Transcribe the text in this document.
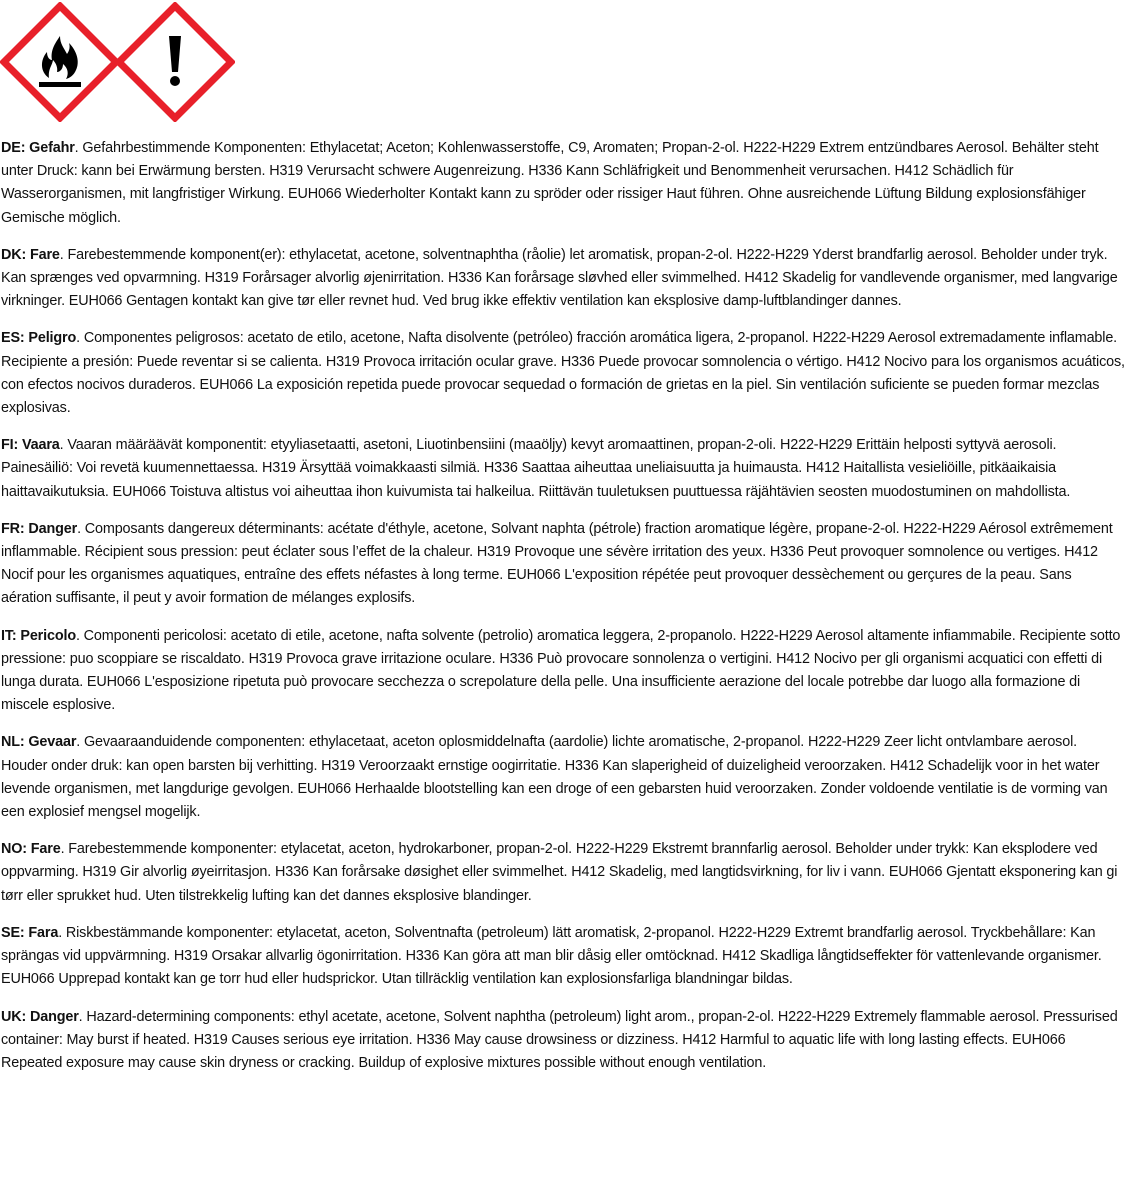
DE: Gefahr. Gefahrbestimmende Komponenten: Ethylacetat; Aceton; Kohlenwasserstoffe, C9, Aromaten; Propan-2-ol. H222-H229 Extrem entzündbares Aerosol. Behälter steht unter Druck: kann bei Erwärmung bersten. H319 Verursacht schwere Augenreizung. H336 Kann Schläfrigkeit und Benommenheit verursachen. H412 Schädlich für Wasserorganismen, mit langfristiger Wirkung. EUH066 Wiederholter Kontakt kann zu spröder oder rissiger Haut führen. Ohne ausreichende Lüftung Bildung explosionsfähiger Gemische möglich.

DK: Fare. Farebestemmende komponent(er): ethylacetat, acetone, solventnaphtha (råolie) let aromatisk, propan-2-ol. H222-H229 Yderst brandfarlig aerosol. Beholder under tryk. Kan sprænges ved opvarmning. H319 Forårsager alvorlig øjenirritation. H336 Kan forårsage sløvhed eller svimmelhed. H412 Skadelig for vandlevende organismer, med langvarige virkninger. EUH066 Gentagen kontakt kan give tør eller revnet hud. Ved brug ikke effektiv ventilation kan eksplosive damp-luftblandinger dannes.

ES: Peligro. Componentes peligrosos: acetato de etilo, acetone, Nafta disolvente (petróleo) fracción aromática ligera, 2-propanol. H222-H229 Aerosol extremadamente inflamable. Recipiente a presión: Puede reventar si se calienta. H319 Provoca irritación ocular grave. H336 Puede provocar somnolencia o vértigo. H412 Nocivo para los organismos acuáticos, con efectos nocivos duraderos. EUH066 La exposición repetida puede provocar sequedad o formación de grietas en la piel. Sin ventilación suficiente se pueden formar mezclas explosivas.

FI: Vaara. Vaaran määräävät komponentit: etyyliasetaatti, asetoni, Liuotinbensiini (maaöljy) kevyt aromaattinen, propan-2-oli. H222-H229 Erittäin helposti syttyvä aerosoli. Painesäiliö: Voi revetä kuumennettaessa. H319 Ärsyttää voimakkaasti silmiä. H336 Saattaa aiheuttaa uneliaisuutta ja huimausta. H412 Haitallista vesieliöille, pitkäaikaisia haittavaikutuksia. EUH066 Toistuva altistus voi aiheuttaa ihon kuivumista tai halkeilua. Riittävän tuuletuksen puuttuessa räjähtävien seosten muodostuminen on mahdollista.

FR: Danger. Composants dangereux déterminants: acétate d'éthyle, acetone, Solvant naphta (pétrole) fraction aromatique légère, propane-2-ol. H222-H229 Aérosol extrêmement inflammable. Récipient sous pression: peut éclater sous l’effet de la chaleur. H319 Provoque une sévère irritation des yeux. H336 Peut provoquer somnolence ou vertiges. H412 Nocif pour les organismes aquatiques, entraîne des effets néfastes à long terme. EUH066 L'exposition répétée peut provoquer dessèchement ou gerçures de la peau. Sans aération suffisante, il peut y avoir formation de mélanges explosifs.

IT: Pericolo. Componenti pericolosi: acetato di etile, acetone, nafta solvente (petrolio) aromatica leggera, 2-propanolo. H222-H229 Aerosol altamente infiammabile. Recipiente sotto pressione: puo scoppiare se riscaldato. H319 Provoca grave irritazione oculare. H336 Può provocare sonnolenza o vertigini. H412 Nocivo per gli organismi acquatici con effetti di lunga durata. EUH066 L'esposizione ripetuta può provocare secchezza o screpolature della pelle. Una insufficiente aerazione del locale potrebbe dar luogo alla formazione di miscele esplosive.

NL: Gevaar. Gevaaraanduidende componenten: ethylacetaat, aceton oplosmiddelnafta (aardolie) lichte aromatische, 2-propanol. H222-H229 Zeer licht ontvlambare aerosol. Houder onder druk: kan open barsten bij verhitting. H319 Veroorzaakt ernstige oogirritatie. H336 Kan slaperigheid of duizeligheid veroorzaken. H412 Schadelijk voor in het water levende organismen, met langdurige gevolgen. EUH066 Herhaalde blootstelling kan een droge of een gebarsten huid veroorzaken. Zonder voldoende ventilatie is de vorming van een explosief mengsel mogelijk.

NO: Fare. Farebestemmende komponenter: etylacetat, aceton, hydrokarboner, propan-2-ol. H222-H229 Ekstremt brannfarlig aerosol. Beholder under trykk: Kan eksplodere ved oppvarming. H319 Gir alvorlig øyeirritasjon. H336 Kan forårsake døsighet eller svimmelhet. H412 Skadelig, med langtidsvirkning, for liv i vann. EUH066 Gjentatt eksponering kan gi tørr eller sprukket hud. Uten tilstrekkelig lufting kan det dannes eksplosive blandinger.

SE: Fara. Riskbestämmande komponenter: etylacetat, aceton, Solventnafta (petroleum) lätt aromatisk, 2-propanol. H222-H229 Extremt brandfarlig aerosol. Tryckbehållare: Kan sprängas vid uppvärmning. H319 Orsakar allvarlig ögonirritation. H336 Kan göra att man blir dåsig eller omtöcknad. H412 Skadliga långtidseffekter för vattenlevande organismer. EUH066 Upprepad kontakt kan ge torr hud eller hudsprickor. Utan tillräcklig ventilation kan explosionsfarliga blandningar bildas.

UK: Danger. Hazard-determining components: ethyl acetate, acetone, Solvent naphtha (petroleum) light arom., propan-2-ol. H222-H229 Extremely flammable aerosol. Pressurised container: May burst if heated. H319 Causes serious eye irritation. H336 May cause drowsiness or dizziness. H412 Harmful to aquatic life with long lasting effects. EUH066 Repeated exposure may cause skin dryness or cracking. Buildup of explosive mixtures possible without enough ventilation.
